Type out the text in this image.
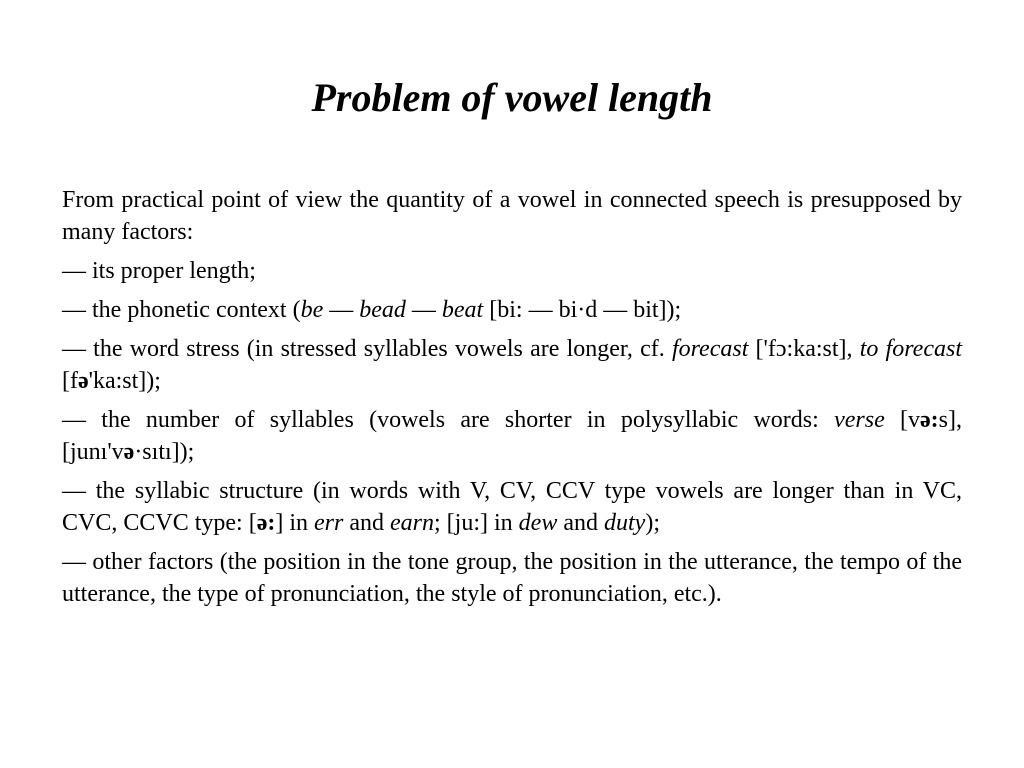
Problem of vowel length

From practical point of view the quantity of a vowel in connected speech is presupposed by many factors:

— its proper length;

— the phonetic context (be — bead — beat [bi: — bi·d — bit]);

— the word stress (in stressed syllables vowels are longer, cf. forecast ['fɔ:ka:st], to forecast [fə'ka:st]);

— the number of syllables (vowels are shorter in polysyllabic words: verse [və:s], [junı'və·sıtı]);

— the syllabic structure (in words with V, CV, CCV type vowels are longer than in VC, CVC, CCVC type: [ə:] in err and earn; [ju:] in dew and duty);

— other factors (the position in the tone group, the position in the utterance, the tempo of the utterance, the type of pronunciation, the style of pronunciation, etc.).
